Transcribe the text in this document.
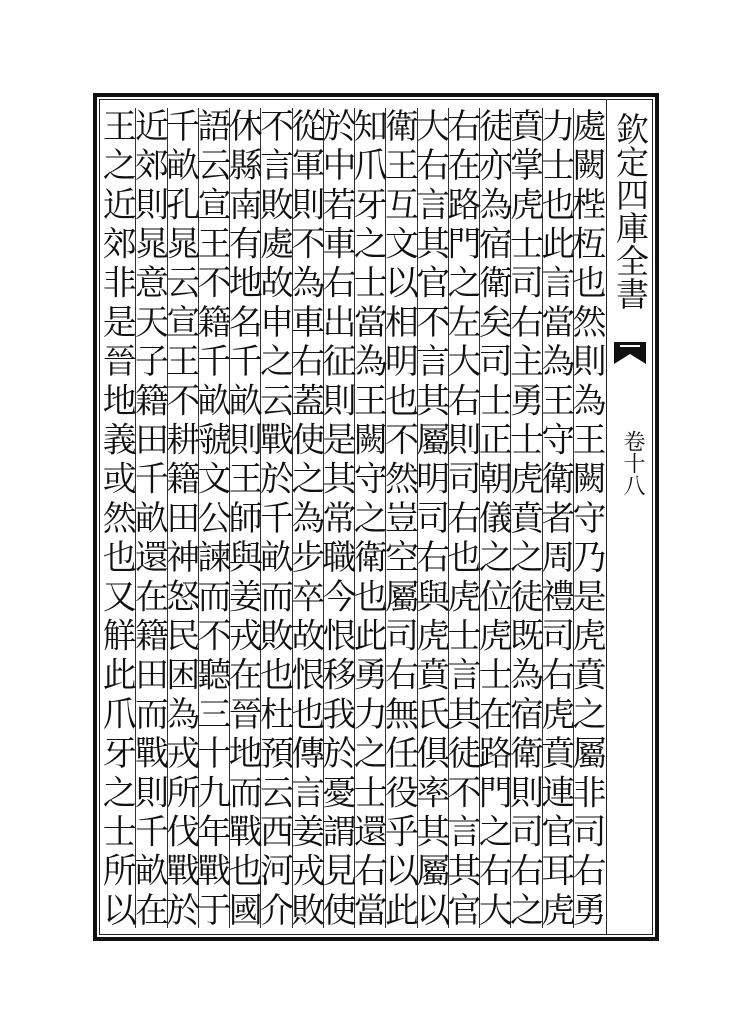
欽定四庫全書
卷十八
處闕梐枑也然則為王闕守乃是虎賁之屬非司右勇
力士也此言當為王守衛者周禮司右虎賁連官耳虎
賁掌虎士司右主勇士虎賁之徒既為宿衛則司右之
徒亦為宿衛矣司士正朝儀之位虎士在路門之右大
右在路門之左大右則司右也虎士言其徒不言其官
大右言其官不言其屬明司右與虎賁氏俱率其屬以
衛王互文以相明也不然豈空屬司右無任役乎以此
知爪牙之士當為王闕守之衛也此勇力之士還右當
於中若車右出征則是其常職今恨移我於憂謂見使
從軍則不為車右蓋使之為步卒故恨也傳言姜戎敗
不言敗處故申之云戰於千畝而敗也杜預云西河介
休縣南有地名千畝則王師與姜戎在晉地而戰也國
語云宣王不籍千畝虢文公諫而不聽三十九年戰于
千畝孔晁云宣王不耕籍田神怒民困為戎所伐戰於
近郊則晁意天子籍田千畝還在籍田而戰則千畝在
王之近郊非是晉地義或然也又觧此爪牙之士所以
